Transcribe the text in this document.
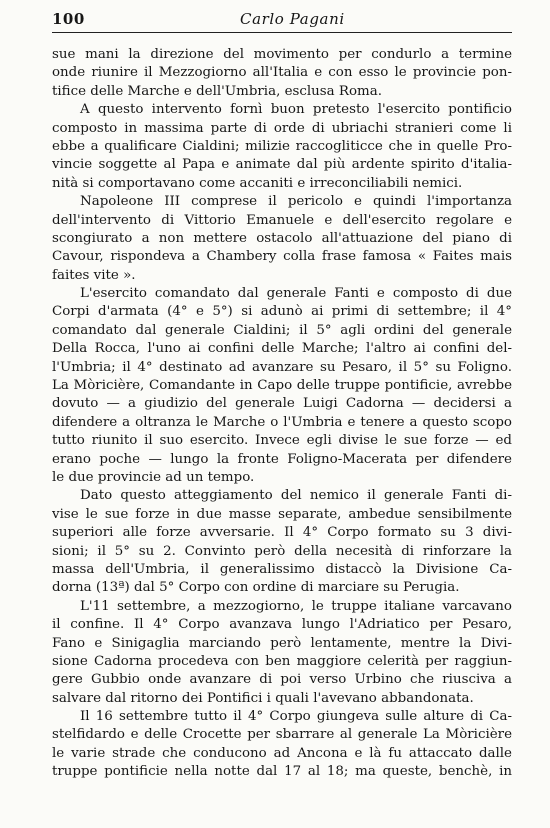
100	Carlo Pagani
sue mani la direzione del movimento per condurlo a termine
onde riunire il Mezzogiorno all'Italia e con esso le provincie pon-
tifice delle Marche e dell'Umbria, esclusa Roma.
A questo intervento fornì buon pretesto l'esercito pontificio
composto in massima parte di orde di ubriachi stranieri come li
ebbe a qualificare Cialdini; milizie raccogliticce che in quelle Pro-
vincie soggette al Papa e animate dal più ardente spirito d'italia-
nità si comportavano come accaniti e irreconciliabili nemici.
Napoleone III comprese il pericolo e quindi l'importanza
dell'intervento di Vittorio Emanuele e dell'esercito regolare e
scongiurato a non mettere ostacolo all'attuazione del piano di
Cavour, rispondeva a Chambery colla frase famosa « Faites mais
faites vite ».
L'esercito comandato dal generale Fanti e composto di due
Corpi d'armata (4° e 5°) si adunò ai primi di settembre; il 4°
comandato dal generale Cialdini; il 5° agli ordini del generale
Della Rocca, l'uno ai confini delle Marche; l'altro ai confini del-
l'Umbria; il 4° destinato ad avanzare su Pesaro, il 5° su Foligno.
La Mòricière, Comandante in Capo delle truppe pontificie, avrebbe
dovuto — a giudizio del generale Luigi Cadorna — decidersi a
difendere a oltranza le Marche o l'Umbria e tenere a questo scopo
tutto riunito il suo esercito. Invece egli divise le sue forze — ed
erano poche — lungo la fronte Foligno-Macerata per difendere
le due provincie ad un tempo.
Dato questo atteggiamento del nemico il generale Fanti di-
vise le sue forze in due masse separate, ambedue sensibilmente
superiori alle forze avversarie. Il 4° Corpo formato su 3 divi-
sioni; il 5° su 2. Convinto però della necesità di rinforzare la
massa dell'Umbria, il generalissimo distaccò la Divisione Ca-
dorna (13ª) dal 5° Corpo con ordine di marciare su Perugia.
L'11 settembre, a mezzogiorno, le truppe italiane varcavano
il confine. Il 4° Corpo avanzava lungo l'Adriatico per Pesaro,
Fano e Sinigaglia marciando però lentamente, mentre la Divi-
sione Cadorna procedeva con ben maggiore celerità per raggiun-
gere Gubbio onde avanzare di poi verso Urbino che riusciva a
salvare dal ritorno dei Pontifici i quali l'avevano abbandonata.
Il 16 settembre tutto il 4° Corpo giungeva sulle alture di Ca-
stelfidardo e delle Crocette per sbarrare al generale La Mòricière
le varie strade che conducono ad Ancona e là fu attaccato dalle
truppe pontificie nella notte dal 17 al 18; ma queste, benchè, in
